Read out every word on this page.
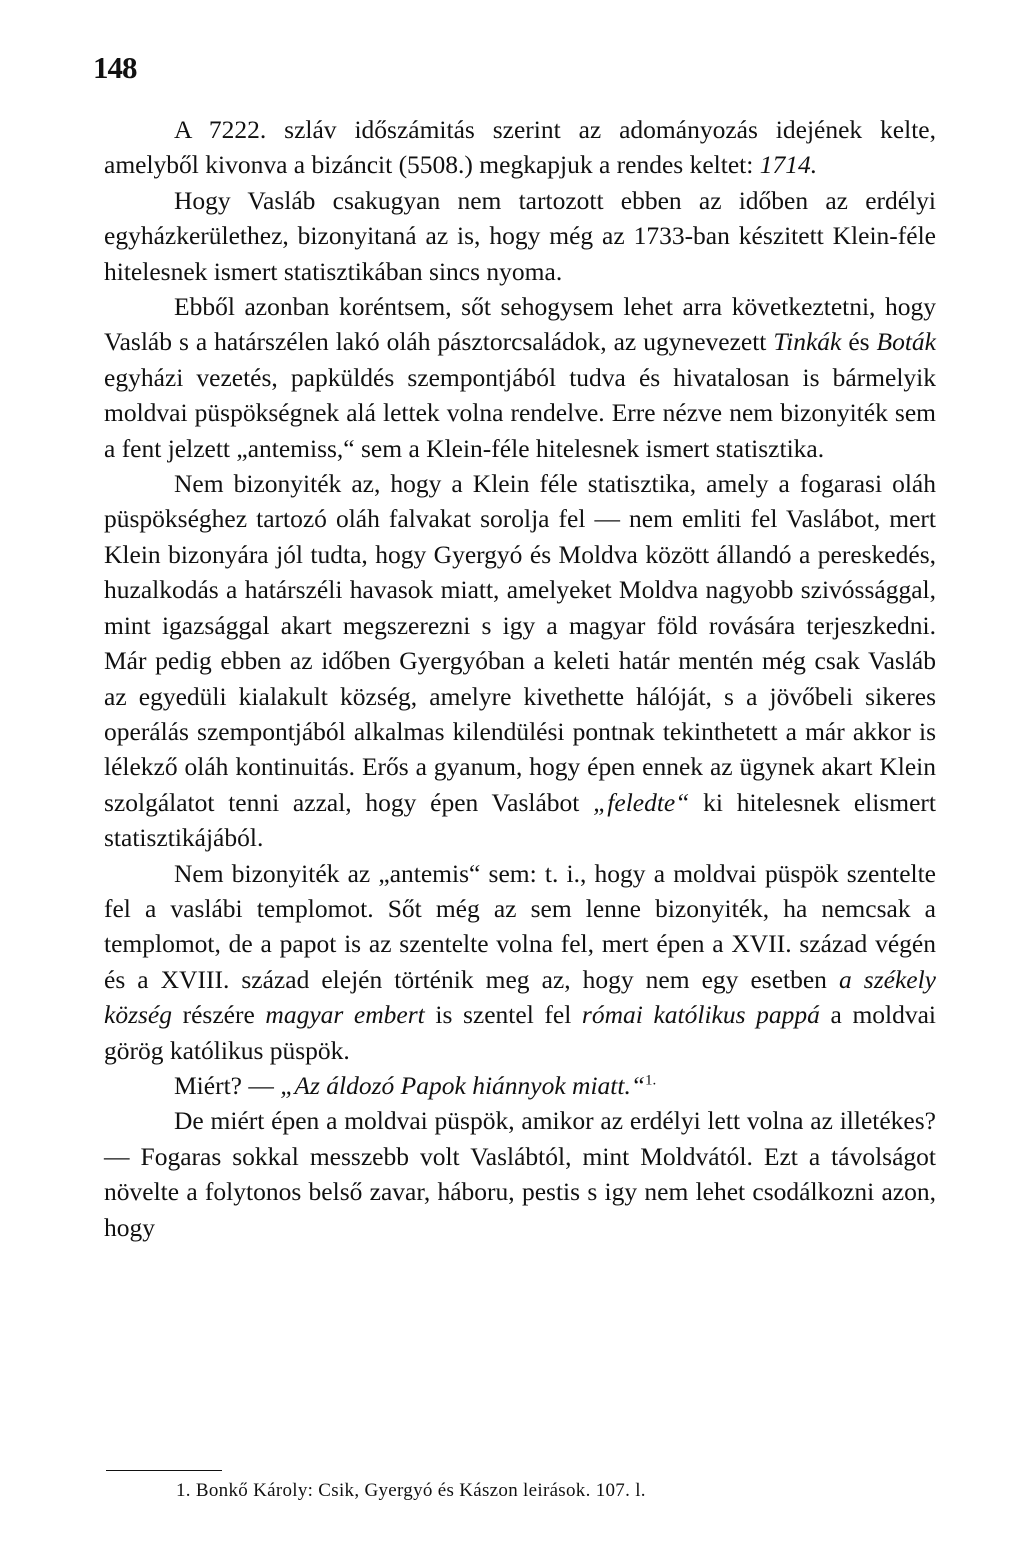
148

A 7222. szláv időszámitás szerint az adományozás idejének kelte, amelyből kivonva a bizáncit (5508.) megkapjuk a rendes keltet: 1714.

Hogy Vasláb csakugyan nem tartozott ebben az időben az erdélyi egyházkerülethez, bizonyitaná az is, hogy még az 1733-ban készitett Klein-féle hitelesnek ismert statisztikában sincs nyoma.

Ebből azonban koréntsem, sőt sehogysem lehet arra következtetni, hogy Vasláb s a határszélen lakó oláh pásztorcsaládok, az ugynevezett Tinkák és Boták egyházi vezetés, papküldés szempontjából tudva és hivatalosan is bármelyik moldvai püspökségnek alá lettek volna rendelve. Erre nézve nem bizonyiték sem a fent jelzett „antemiss,“ sem a Klein-féle hitelesnek ismert statisztika.

Nem bizonyiték az, hogy a Klein féle statisztika, amely a fogarasi oláh püspökséghez tartozó oláh falvakat sorolja fel — nem emliti fel Vaslábot, mert Klein bizonyára jól tudta, hogy Gyergyó és Moldva között állandó a pereskedés, huzalkodás a határszéli havasok miatt, amelyeket Moldva nagyobb szivóssággal, mint igazsággal akart megszerezni s igy a magyar föld rovására terjeszkedni. Már pedig ebben az időben Gyergyóban a keleti határ mentén még csak Vasláb az egyedüli kialakult község, amelyre kivethette hálóját, s a jövőbeli sikeres operálás szempontjából alkalmas kilendülési pontnak tekinthetett a már akkor is lélekző oláh kontinuitás. Erős a gyanum, hogy épen ennek az ügynek akart Klein szolgálatot tenni azzal, hogy épen Vaslábot „feledte“ ki hitelesnek elismert statisztikájából.

Nem bizonyiték az „antemis“ sem: t. i., hogy a moldvai püspök szentelte fel a vaslábi templomot. Sőt még az sem lenne bizonyiték, ha nemcsak a templomot, de a papot is az szentelte volna fel, mert épen a XVII. század végén és a XVIII. század elején történik meg az, hogy nem egy esetben a székely község részére magyar embert is szentel fel római katólikus pappá a moldvai görög katólikus püspök.

Miért? — „Az áldozó Papok hiánnyok miatt.“$^{1.}$

De miért épen a moldvai püspök, amikor az erdélyi lett volna az illetékes? — Fogaras sokkal messzebb volt Vaslábtól, mint Moldvától. Ezt a távolságot növelte a folytonos belső zavar, háboru, pestis s igy nem lehet csodálkozni azon, hogy

1. Bonkő Károly: Csik, Gyergyó és Kászon leirások. 107. l.
